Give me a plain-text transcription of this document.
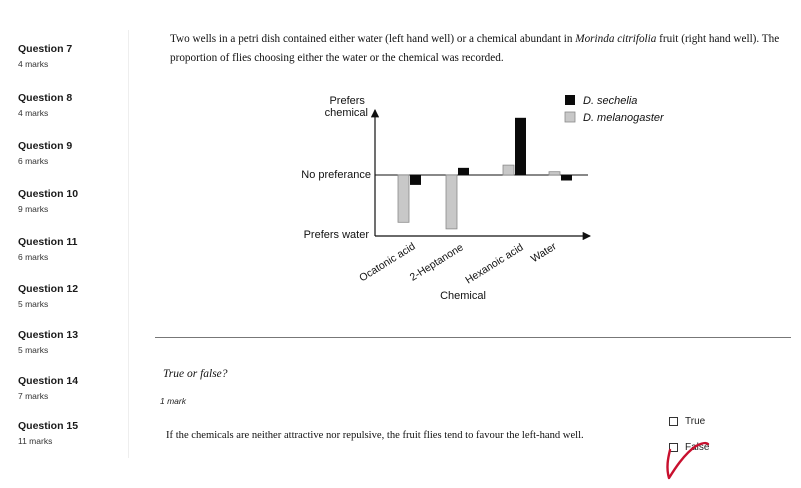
Question 7
4 marks
Question 8
4 marks
Question 9
6 marks
Question 10
9 marks
Question 11
6 marks
Question 12
5 marks
Question 13
5 marks
Question 14
7 marks
Question 15
11 marks
Two wells in a petri dish contained either water (left hand well) or a chemical abundant in Morinda citrifolia fruit (right hand well). The proportion of flies choosing either the water or the chemical was recorded.
Prefers chemical
No preferance
Prefers water
Ocatonic acid
2-Heptanone
Hexanoic acid Water
Chemical
D. sechelia
D. melanogaster
True or false?
1 mark
If the chemicals are neither attractive nor repulsive, the fruit flies tend to favour the left-hand well.
True
False
